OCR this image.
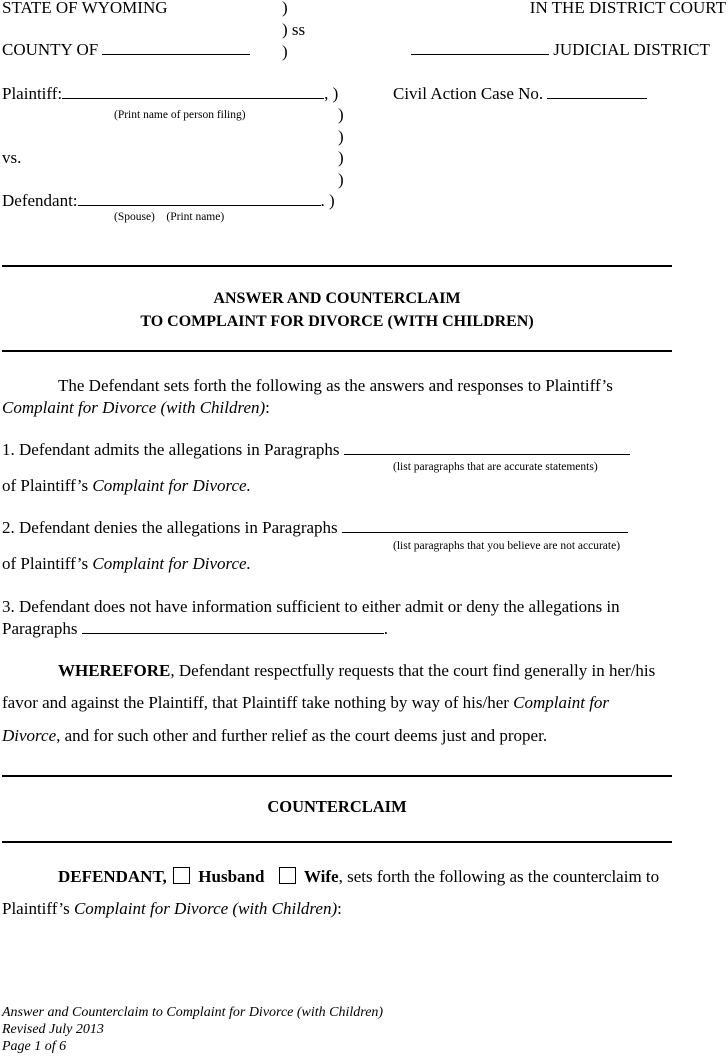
STATE OF WYOMING	)	IN THE DISTRICT COURT
) ss
COUNTY OF	)	JUDICIAL DISTRICT
Plaintiff:	, )
(Print name of person filing)
Civil Action Case No.
)
)
vs.	)
)
Defendant:	. )
(Spouse)    (Print name)
ANSWER AND COUNTERCLAIM
TO COMPLAINT FOR DIVORCE (WITH CHILDREN)
The Defendant sets forth the following as the answers and responses to Plaintiff’s
Complaint for Divorce (with Children):
1. Defendant admits the allegations in Paragraphs
(list paragraphs that are accurate statements)
of Plaintiff’s Complaint for Divorce.
2. Defendant denies the allegations in Paragraphs
(list paragraphs that you believe are not accurate)
of Plaintiff’s Complaint for Divorce.
3. Defendant does not have information sufficient to either admit or deny the allegations in
Paragraphs	.
WHEREFORE, Defendant respectfully requests that the court find generally in her/his
favor and against the Plaintiff, that Plaintiff take nothing by way of his/her Complaint for
Divorce, and for such other and further relief as the court deems just and proper.
COUNTERCLAIM
DEFENDANT, Husband Wife, sets forth the following as the counterclaim to
Plaintiff’s Complaint for Divorce (with Children):
Answer and Counterclaim to Complaint for Divorce (with Children)
Revised July 2013
Page 1 of 6
